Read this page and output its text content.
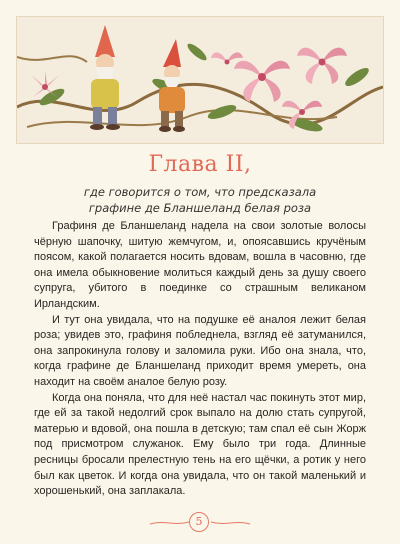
Глава II,
где говорится о том, что предсказала
графине де Бланшеланд белая роза

Графиня де Бланшеланд надела на свои золотые волосы чёрную шапочку, шитую жемчугом, и, опоясавшись кручёным поясом, какой полагается носить вдовам, вошла в часовню, где она имела обыкновение молиться каждый день за душу своего супруга, убитого в поединке со страшным великаном Ирландским.

И тут она увидала, что на подушке её аналоя лежит белая роза; увидев это, графиня побледнела, взгляд её затуманился, она запрокинула голову и заломила руки. Ибо она знала, что, когда графине де Бланшеланд приходит время умереть, она находит на своём аналое белую розу.

Когда она поняла, что для неё настал час покинуть этот мир, где ей за такой недолгий срок выпало на долю стать супругой, матерью и вдовой, она пошла в детскую; там спал её сын Жорж под присмотром служанок. Ему было три года. Длинные ресницы бросали прелестную тень на его щёчки, а ротик у него был как цветок. И когда она увидала, что он такой маленький и хорошенький, она заплакала.

5
